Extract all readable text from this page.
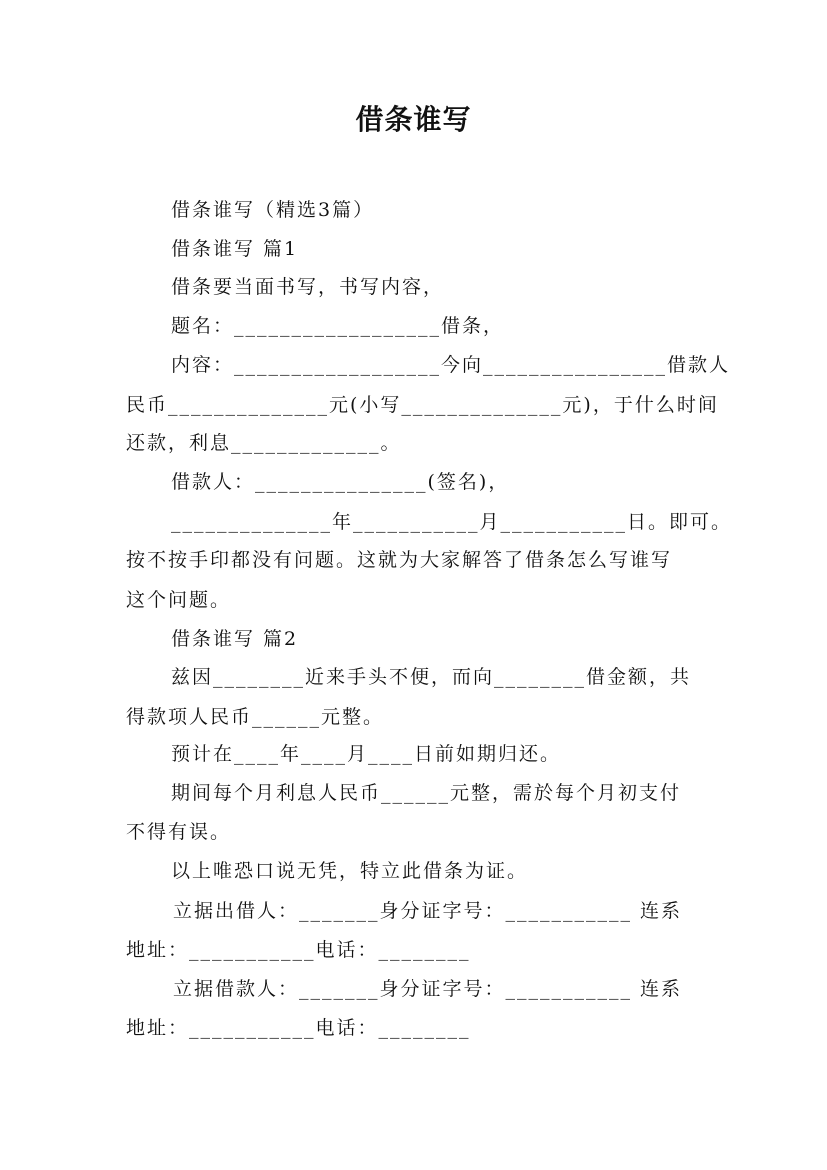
借条谁写
借条谁写（精选3篇）
借条谁写 篇1
借条要当面书写，书写内容，
题名：__________________借条，
内容：__________________今向________________借款人
民币______________元(小写______________元)，于什么时间
还款，利息_____________。
借款人：_______________(签名)，
______________年___________月___________日。即可。
按不按手印都没有问题。这就为大家解答了借条怎么写谁写
这个问题。
借条谁写 篇2
兹因________近来手头不便，而向________借金额，共
得款项人民币______元整。
预计在____年____月____日前如期归还。
期间每个月利息人民币______元整，需於每个月初支付
不得有误。
以上唯恐口说无凭，特立此借条为证。
立据出借人：_______身分证字号：___________ 连系
地址：___________电话：________
立据借款人：_______身分证字号：___________ 连系
地址：___________电话：________
